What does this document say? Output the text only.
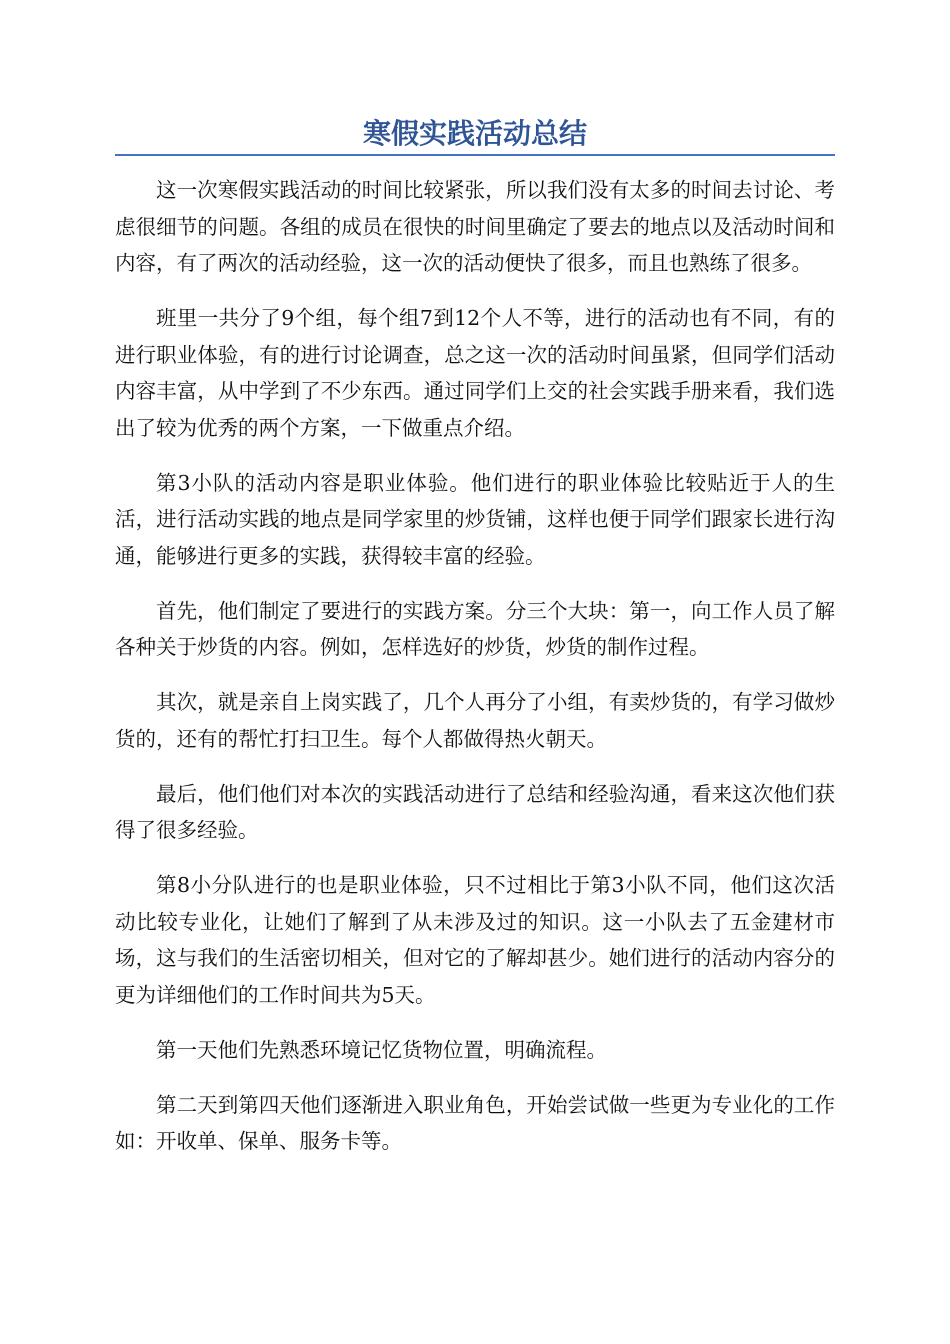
寒假实践活动总结

这一次寒假实践活动的时间比较紧张，所以我们没有太多的时间去讨论、考虑很细节的问题。各组的成员在很快的时间里确定了要去的地点以及活动时间和内容，有了两次的活动经验，这一次的活动便快了很多，而且也熟练了很多。

班里一共分了9个组，每个组7到12个人不等，进行的活动也有不同，有的进行职业体验，有的进行讨论调查，总之这一次的活动时间虽紧，但同学们活动内容丰富，从中学到了不少东西。通过同学们上交的社会实践手册来看，我们选出了较为优秀的两个方案，一下做重点介绍。

第3小队的活动内容是职业体验。他们进行的职业体验比较贴近于人的生活，进行活动实践的地点是同学家里的炒货铺，这样也便于同学们跟家长进行沟通，能够进行更多的实践，获得较丰富的经验。

首先，他们制定了要进行的实践方案。分三个大块：第一，向工作人员了解各种关于炒货的内容。例如，怎样选好的炒货，炒货的制作过程。

其次，就是亲自上岗实践了，几个人再分了小组，有卖炒货的，有学习做炒货的，还有的帮忙打扫卫生。每个人都做得热火朝天。

最后，他们他们对本次的实践活动进行了总结和经验沟通，看来这次他们获得了很多经验。

第8小分队进行的也是职业体验，只不过相比于第3小队不同，他们这次活动比较专业化，让她们了解到了从未涉及过的知识。这一小队去了五金建材市场，这与我们的生活密切相关，但对它的了解却甚少。她们进行的活动内容分的更为详细他们的工作时间共为5天。

第一天他们先熟悉环境记忆货物位置，明确流程。

第二天到第四天他们逐渐进入职业角色，开始尝试做一些更为专业化的工作如：开收单、保单、服务卡等。
